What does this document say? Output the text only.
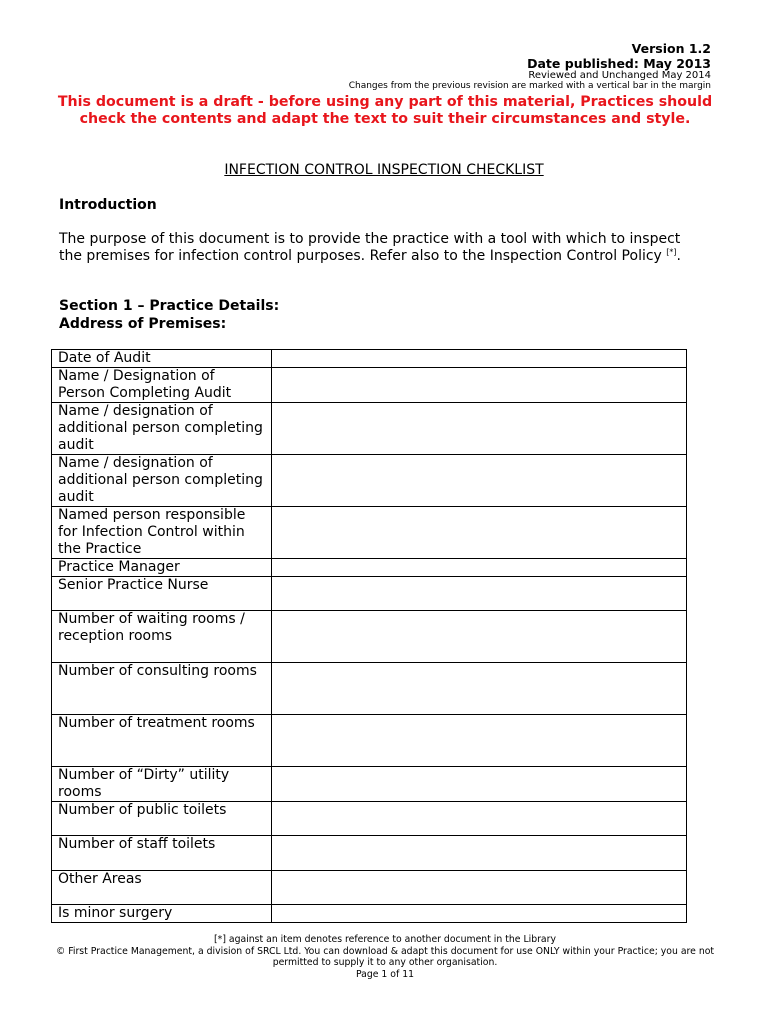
Version 1.2
Date published: May 2013
Reviewed and Unchanged May 2014
Changes from the previous revision are marked with a vertical bar in the margin
This document is a draft - before using any part of this material, Practices should check the contents and adapt the text to suit their circumstances and style.
INFECTION CONTROL INSPECTION CHECKLIST
Introduction
The purpose of this document is to provide the practice with a tool with which to inspect the premises for infection control purposes. Refer also to the Inspection Control Policy [*].
Section 1 – Practice Details:
Address of Premises:
Date of Audit	
Name / Designation of Person Completing Audit	
Name / designation of additional person completing audit	
Name / designation of additional person completing audit	
Named person responsible for Infection Control within the Practice	
Practice Manager	
Senior Practice Nurse	
Number of waiting rooms / reception rooms	
Number of consulting rooms	
Number of treatment rooms	
Number of “Dirty” utility rooms	
Number of public toilets	
Number of staff toilets	
Other Areas	
Is minor surgery	
[*] against an item denotes reference to another document in the Library
© First Practice Management, a division of SRCL Ltd. You can download & adapt this document for use ONLY within your Practice; you are not permitted to supply it to any other organisation.
Page 1 of 11
